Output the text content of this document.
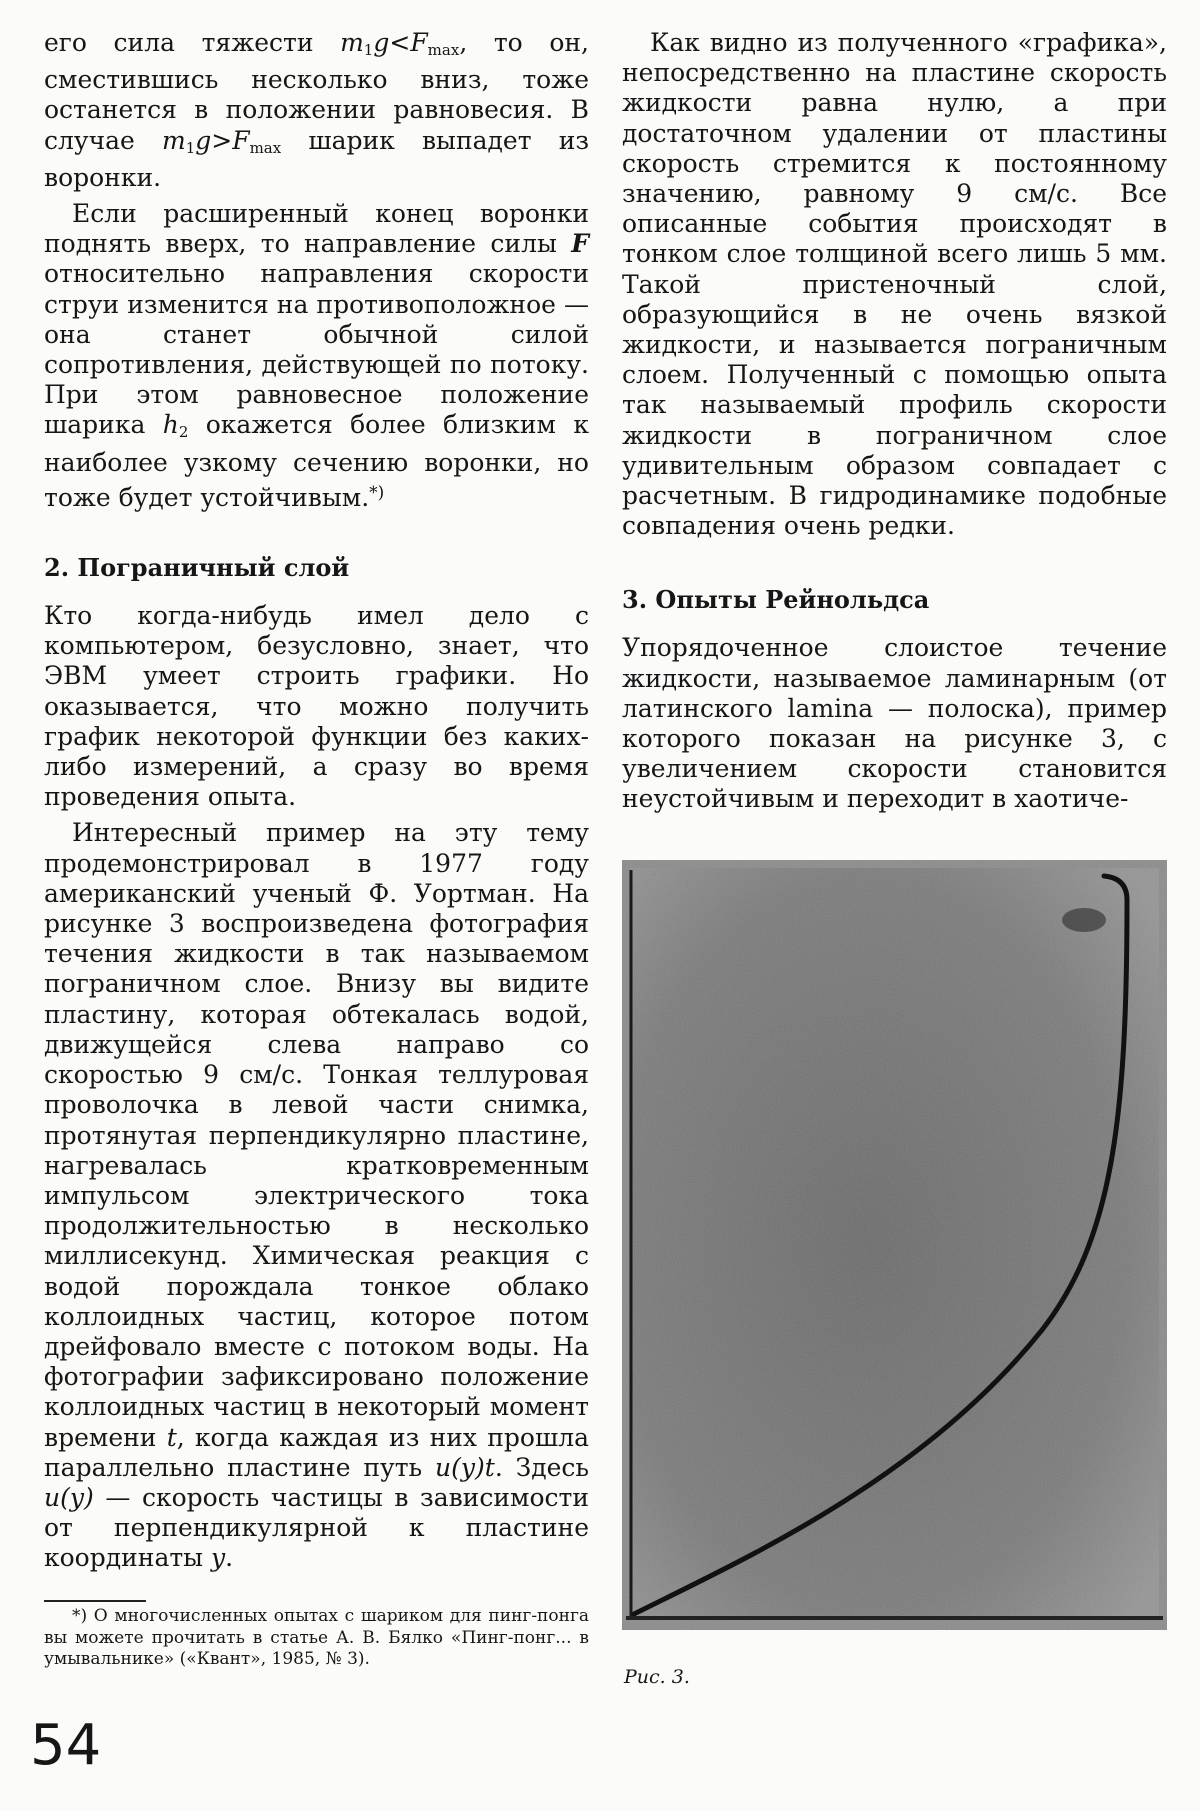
его сила тяжести $m_1g<F_{max}$, то он, сместившись несколько вниз, тоже останется в положении равновесия. В случае $m_1g>F_{max}$ шарик выпадет из воронки.

Если расширенный конец воронки поднять вверх, то направление силы F относительно направления скорости струи изменится на противоположное — она станет обычной силой сопротивления, действующей по потоку. При этом равновесное положение шарика $h_2$ окажется более близким к наиболее узкому сечению воронки, но тоже будет устойчивым.*)

2. Пограничный слой

Кто когда-нибудь имел дело с компьютером, безусловно, знает, что ЭВМ умеет строить графики. Но оказывается, что можно получить график некоторой функции без каких-либо измерений, а сразу во время проведения опыта.

Интересный пример на эту тему продемонстрировал в 1977 году американский ученый Ф. Уортман. На рисунке 3 воспроизведена фотография течения жидкости в так называемом пограничном слое. Внизу вы видите пластину, которая обтекалась водой, движущейся слева направо со скоростью 9 см/с. Тонкая теллуровая проволочка в левой части снимка, протянутая перпендикулярно пластине, нагревалась кратковременным импульсом электрического тока продолжительностью в несколько миллисекунд. Химическая реакция с водой порождала тонкое облако коллоидных частиц, которое потом дрейфовало вместе с потоком воды. На фотографии зафиксировано положение коллоидных частиц в некоторый момент времени t, когда каждая из них прошла параллельно пластине путь u(y)t. Здесь u(y) — скорость частицы в зависимости от перпендикулярной к пластине координаты y.

Как видно из полученного «графика», непосредственно на пластине скорость жидкости равна нулю, а при достаточном удалении от пластины скорость стремится к постоянному значению, равному 9 см/с. Все описанные события происходят в тонком слое толщиной всего лишь 5 мм. Такой пристеночный слой, образующийся в не очень вязкой жидкости, и называется пограничным слоем. Полученный с помощью опыта так называемый профиль скорости жидкости в пограничном слое удивительным образом совпадает с расчетным. В гидродинамике подобные совпадения очень редки.

3. Опыты Рейнольдса

Упорядоченное слоистое течение жидкости, называемое ламинарным (от латинского lamina — полоска), пример которого показан на рисунке 3, с увеличением скорости становится неустойчивым и переходит в хаотиче-

Рис. 3.
*) О многочисленных опытах с шариком для пинг-понга вы можете прочитать в статье А. В. Бялко «Пинг-понг... в умывальнике» («Квант», 1985, № 3).
54
